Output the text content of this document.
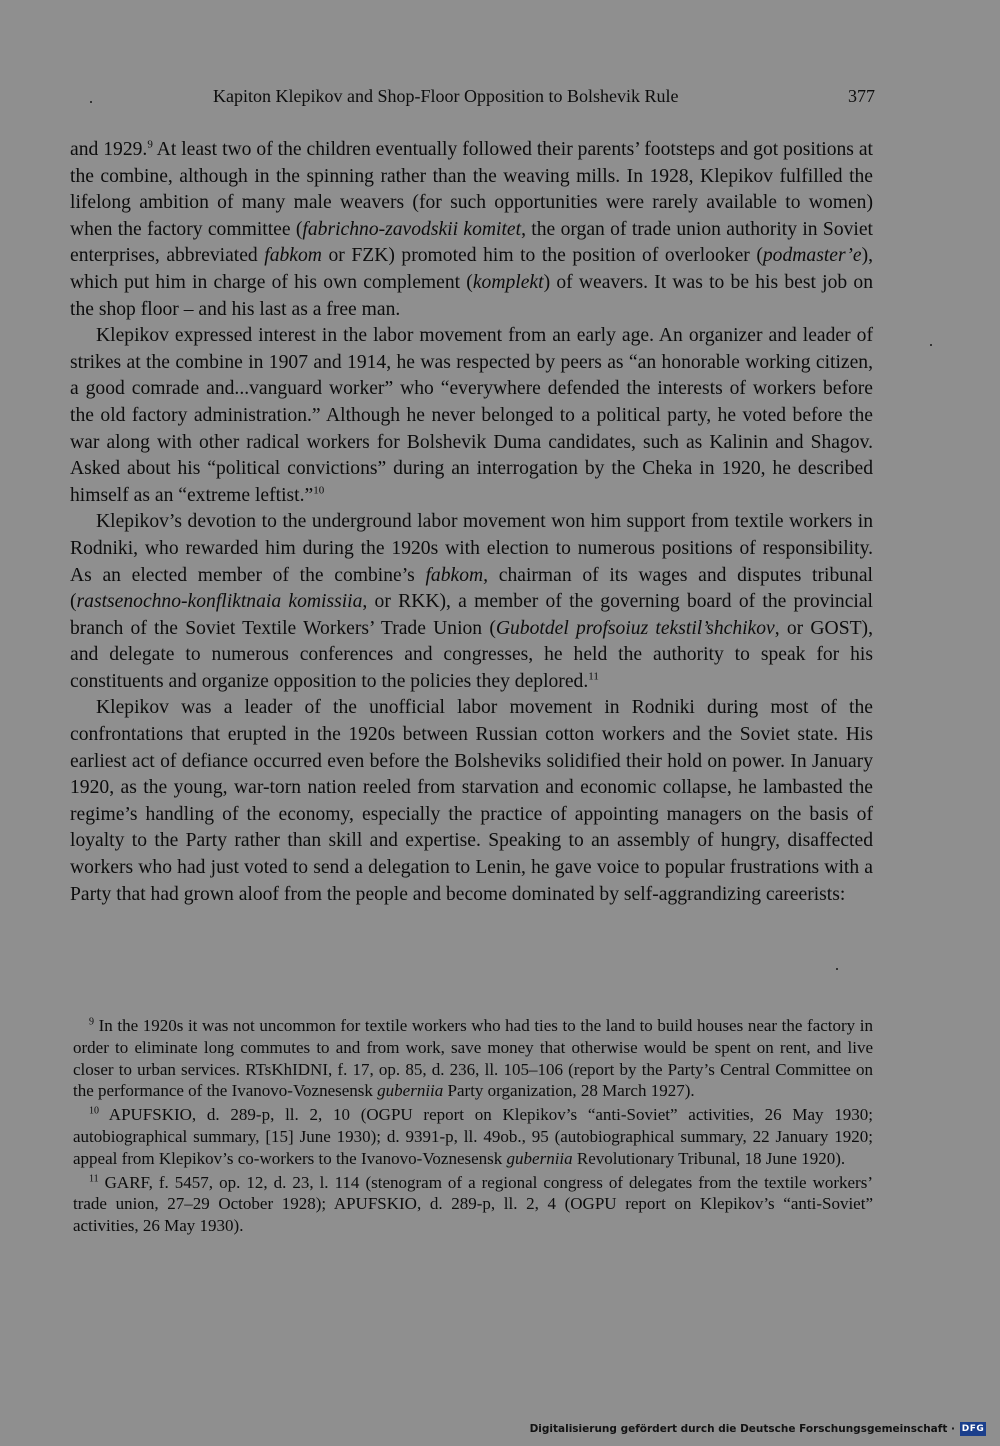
Kapiton Klepikov and Shop-Floor Opposition to Bolshevik Rule	377

and 1929.$^9$ At least two of the children eventually followed their parents’ footsteps and got positions at the combine, although in the spinning rather than the weaving mills. In 1928, Klepikov fulfilled the lifelong ambition of many male weavers (for such opportunities were rarely available to women) when the factory committee (fabrichno-zavodskii komitet, the organ of trade union authority in Soviet enterprises, abbreviated fabkom or FZK) promoted him to the position of overlooker (podmaster’e), which put him in charge of his own complement (komplekt) of weavers. It was to be his best job on the shop floor – and his last as a free man.

Klepikov expressed interest in the labor movement from an early age. An organizer and leader of strikes at the combine in 1907 and 1914, he was respected by peers as “an honorable working citizen, a good comrade and...vanguard worker” who “everywhere defended the interests of workers before the old factory administration.” Although he never belonged to a political party, he voted before the war along with other radical workers for Bolshevik Duma candidates, such as Kalinin and Shagov. Asked about his “political convictions” during an interrogation by the Cheka in 1920, he described himself as an “extreme leftist.”$^{10}$

Klepikov’s devotion to the underground labor movement won him support from textile workers in Rodniki, who rewarded him during the 1920s with election to numerous positions of responsibility. As an elected member of the combine’s fabkom, chairman of its wages and disputes tribunal (rastsenochno-konfliktnaia komissiia, or RKK), a member of the governing board of the provincial branch of the Soviet Textile Workers’ Trade Union (Gubotdel profsoiuz tekstil’shchikov, or GOST), and delegate to numerous conferences and congresses, he held the authority to speak for his constituents and organize opposition to the policies they deplored.$^{11}$

Klepikov was a leader of the unofficial labor movement in Rodniki during most of the confrontations that erupted in the 1920s between Russian cotton workers and the Soviet state. His earliest act of defiance occurred even before the Bolsheviks solidified their hold on power. In January 1920, as the young, war-torn nation reeled from starvation and economic collapse, he lambasted the regime’s handling of the economy, especially the practice of appointing managers on the basis of loyalty to the Party rather than skill and expertise. Speaking to an assembly of hungry, disaffected workers who had just voted to send a delegation to Lenin, he gave voice to popular frustrations with a Party that had grown aloof from the people and become dominated by self-aggrandizing careerists:

$^9$ In the 1920s it was not uncommon for textile workers who had ties to the land to build houses near the factory in order to eliminate long commutes to and from work, save money that otherwise would be spent on rent, and live closer to urban services. RTsKhIDNI, f. 17, op. 85, d. 236, ll. 105–106 (report by the Party’s Central Committee on the performance of the Ivanovo-Voznesensk guberniia Party organization, 28 March 1927).

$^{10}$ APUFSKIO, d. 289-p, ll. 2, 10 (OGPU report on Klepikov’s “anti-Soviet” activities, 26 May 1930; autobiographical summary, [15] June 1930); d. 9391-p, ll. 49ob., 95 (autobiographical summary, 22 January 1920; appeal from Klepikov’s co-workers to the Ivanovo-Voznesensk guberniia Revolutionary Tribunal, 18 June 1920).

$^{11}$ GARF, f. 5457, op. 12, d. 23, l. 114 (stenogram of a regional congress of delegates from the textile workers’ trade union, 27–29 October 1928); APUFSKIO, d. 289-p, ll. 2, 4 (OGPU report on Klepikov’s “anti-Soviet” activities, 26 May 1930).

Digitalisierung gefördert durch die Deutsche Forschungsgemeinschaft · DFG
